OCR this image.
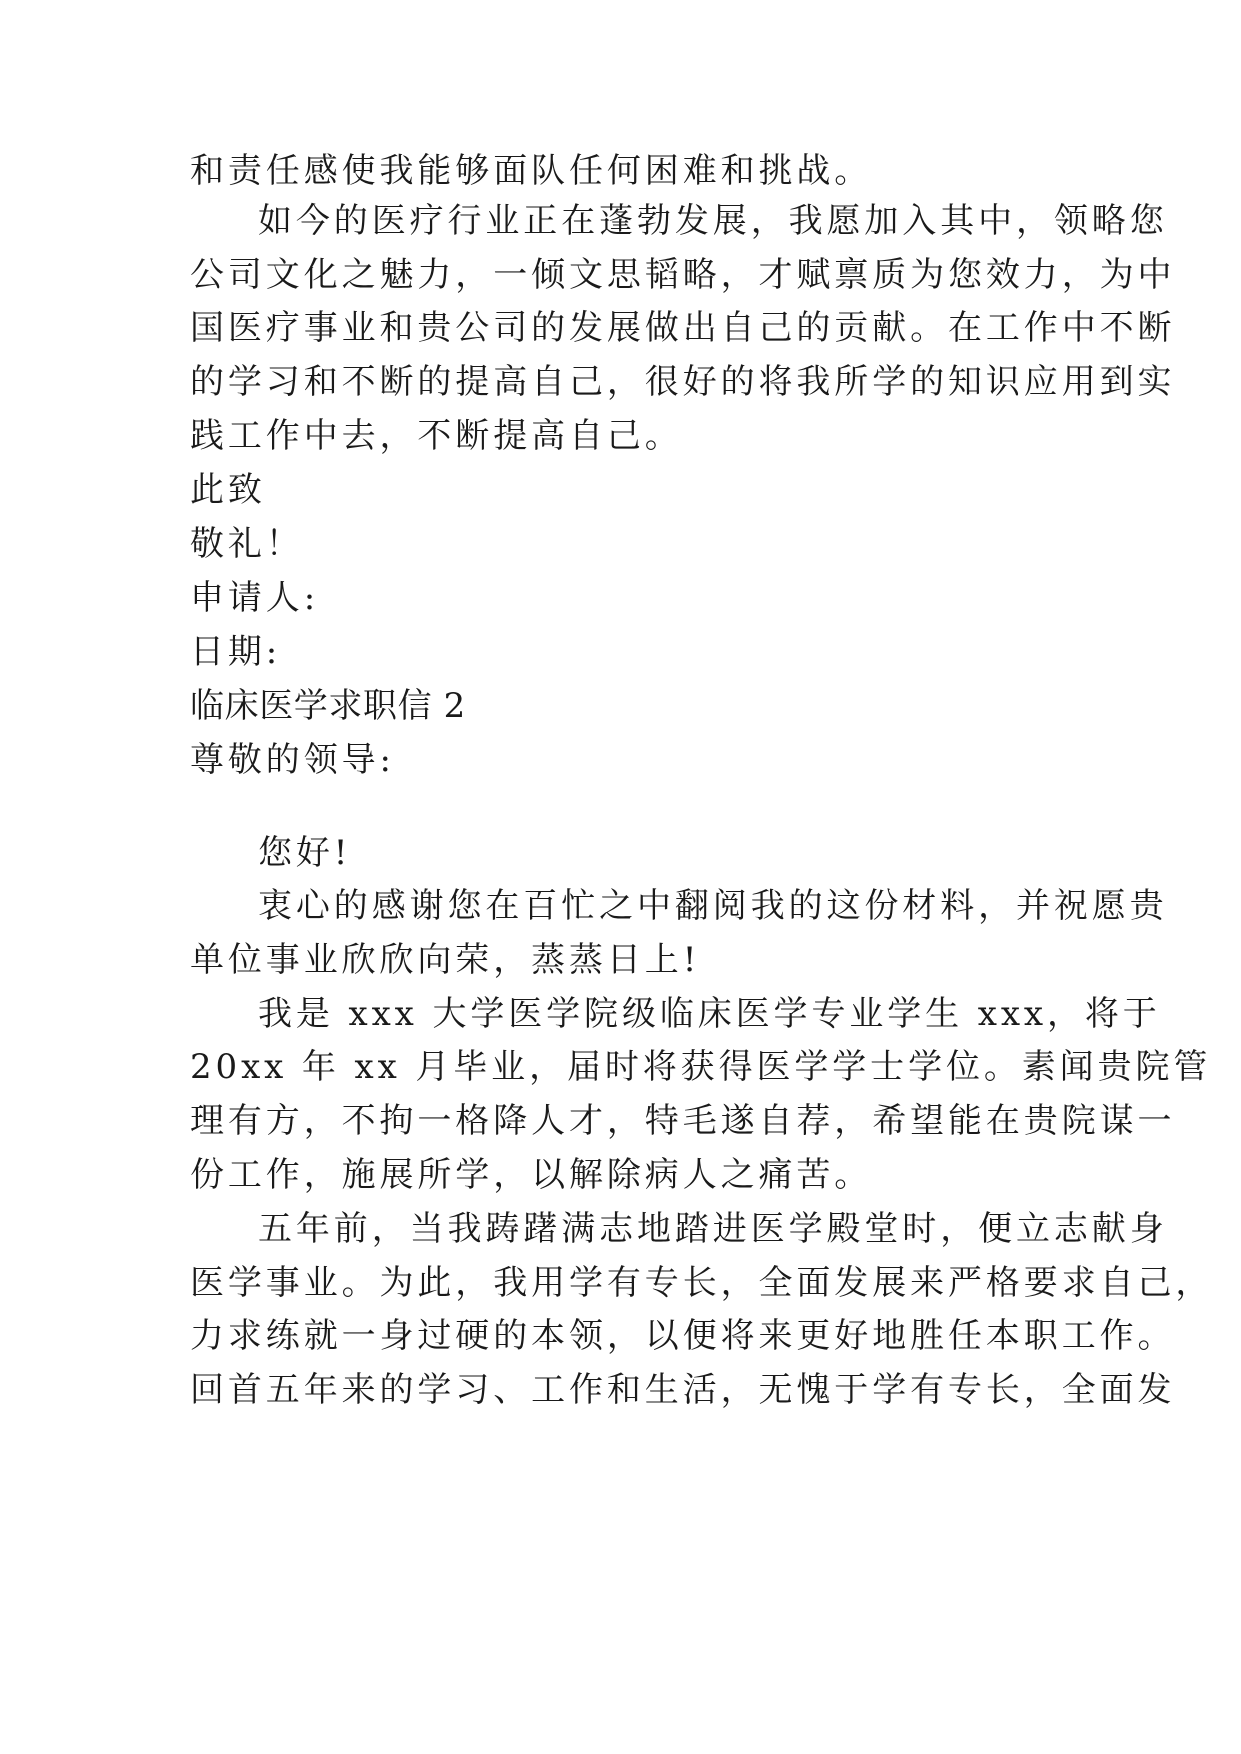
和责任感使我能够面队任何困难和挑战。
如今的医疗行业正在蓬勃发展，我愿加入其中，领略您
公司文化之魅力，一倾文思韬略，才赋禀质为您效力，为中
国医疗事业和贵公司的发展做出自己的贡献。在工作中不断
的学习和不断的提高自己，很好的将我所学的知识应用到实
践工作中去，不断提高自己。
此致
敬礼！
申请人:
日期:
临床医学求职信 2
尊敬的领导:
您好!
衷心的感谢您在百忙之中翻阅我的这份材料，并祝愿贵
单位事业欣欣向荣，蒸蒸日上!
我是 xxx 大学医学院级临床医学专业学生 xxx，将于
20xx 年 xx 月毕业，届时将获得医学学士学位。素闻贵院管
理有方，不拘一格降人才，特毛遂自荐，希望能在贵院谋一
份工作，施展所学，以解除病人之痛苦。
五年前，当我踌躇满志地踏进医学殿堂时，便立志献身
医学事业。为此，我用学有专长，全面发展来严格要求自己，
力求练就一身过硬的本领，以便将来更好地胜任本职工作。
回首五年来的学习、工作和生活，无愧于学有专长，全面发
